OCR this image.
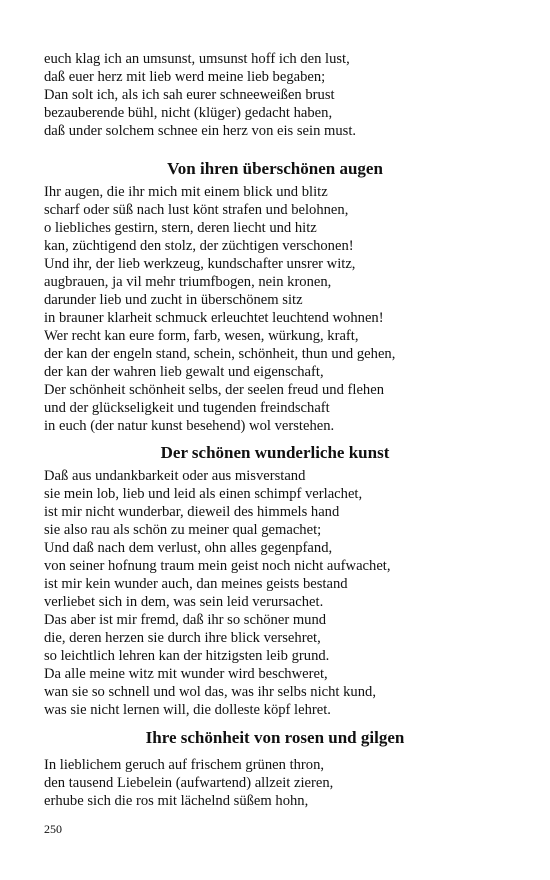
euch klag ich an umsunst, umsunst hoff ich den lust,
daß euer herz mit lieb werd meine lieb begaben;
Dan solt ich, als ich sah eurer schneeweißen brust
bezauberende bühl, nicht (klüger) gedacht haben,
daß under solchem schnee ein herz von eis sein must.
Von ihren überschönen augen
Ihr augen, die ihr mich mit einem blick und blitz
scharf oder süß nach lust könt strafen und belohnen,
o liebliches gestirn, stern, deren liecht und hitz
kan, züchtigend den stolz, der züchtigen verschonen!
Und ihr, der lieb werkzeug, kundschafter unsrer witz,
augbrauen, ja vil mehr triumfbogen, nein kronen,
darunder lieb und zucht in überschönem sitz
in brauner klarheit schmuck erleuchtet leuchtend wohnen!
Wer recht kan eure form, farb, wesen, würkung, kraft,
der kan der engeln stand, schein, schönheit, thun und gehen,
der kan der wahren lieb gewalt und eigenschaft,
Der schönheit schönheit selbs, der seelen freud und flehen
und der glückseligkeit und tugenden freindschaft
in euch (der natur kunst besehend) wol verstehen.
Der schönen wunderliche kunst
Daß aus undankbarkeit oder aus misverstand
sie mein lob, lieb und leid als einen schimpf verlachet,
ist mir nicht wunderbar, dieweil des himmels hand
sie also rau als schön zu meiner qual gemachet;
Und daß nach dem verlust, ohn alles gegenpfand,
von seiner hofnung traum mein geist noch nicht aufwachet,
ist mir kein wunder auch, dan meines geists bestand
verliebet sich in dem, was sein leid verursachet.
Das aber ist mir fremd, daß ihr so schöner mund
die, deren herzen sie durch ihre blick versehret,
so leichtlich lehren kan der hitzigsten leib grund.
Da alle meine witz mit wunder wird beschweret,
wan sie so schnell und wol das, was ihr selbs nicht kund,
was sie nicht lernen will, die dolleste köpf lehret.
Ihre schönheit von rosen und gilgen
In lieblichem geruch auf frischem grünen thron,
den tausend Liebelein (aufwartend) allzeit zieren,
erhube sich die ros mit lächelnd süßem hohn,
250
